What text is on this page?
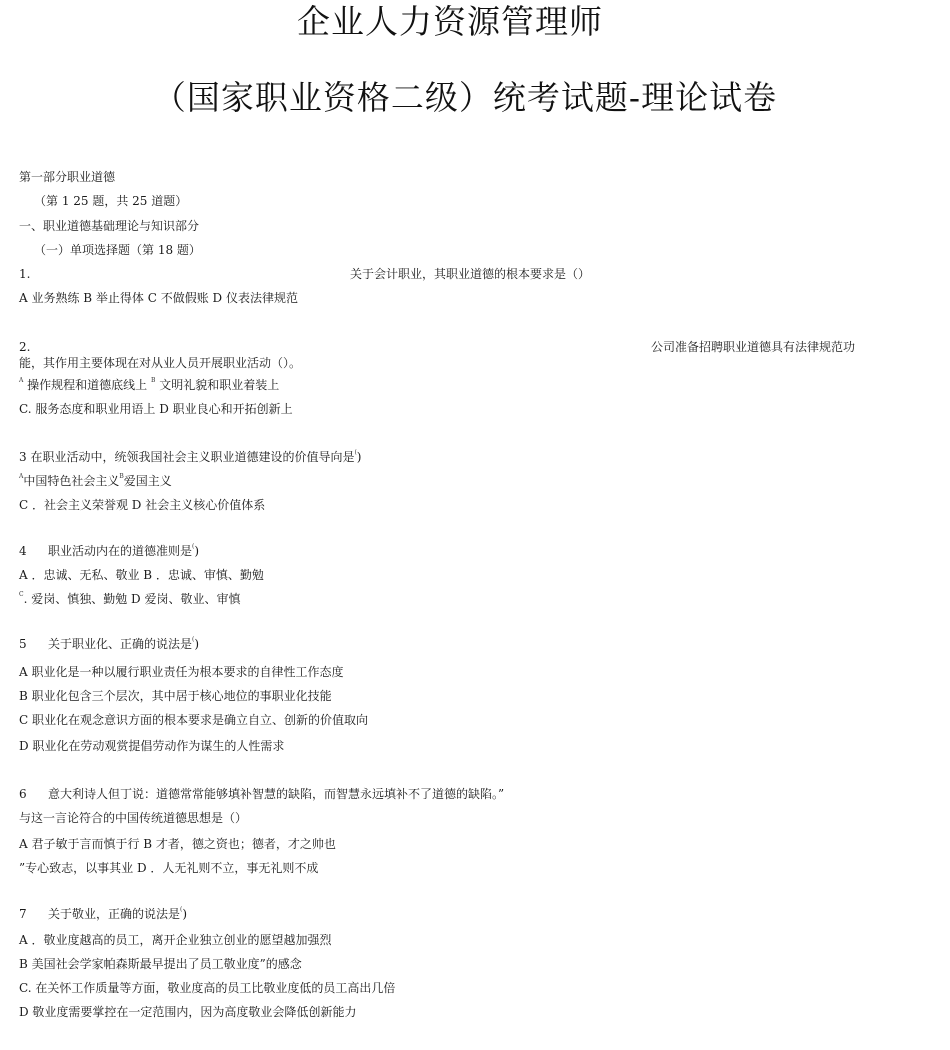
企业人力资源管理师
（国家职业资格二级）统考试题-理论试卷
第一部分职业道德
（第 1 25 题，共 25 道题）
一、职业道德基础理论与知识部分
（一）单项选择题（第 18 题）
1.	关于会计职业，其职业道德的根本要求是（）
A 业务熟练 B 举止得体 C 不做假账 D 仪表法律规范
2.	公司准备招聘职业道德具有法律规范功
能，其作用主要体现在对从业人员开展职业活动（）。
$^A$ 操作规程和道德底线上 $^B$ 文明礼貌和职业着装上
C. 服务态度和职业用语上 D 职业良心和开拓创新上
3 在职业活动中，统领我国社会主义职业道德建设的价值导向是()
$^A$中国特色社会主义$^B$爱国主义
C ．社会主义荣誉观 D 社会主义核心价值体系
4 职业活动内在的道德准则是()
A ．忠诚、无私、敬业 B ．忠诚、审慎、勤勉
$^C$. 爱岗、慎独、勤勉 D 爱岗、敬业、审慎
5 关于职业化、正确的说法是()
A 职业化是一种以履行职业责任为根本要求的自律性工作态度
B 职业化包含三个层次，其中居于核心地位的事职业化技能
C 职业化在观念意识方面的根本要求是确立自立、创新的价值取向
D 职业化在劳动观赏提倡劳动作为谋生的人性需求
6 意大利诗人但丁说：道德常常能够填补智慧的缺陷，而智慧永远填补不了道德的缺陷。”
与这一言论符合的中国传统道德思想是（）
A 君子敏于言而慎于行 B 才者，德之资也；德者，才之帅也
”专心致志，以事其业 D ．人无礼则不立，事无礼则不成
7 关于敬业，正确的说法是()
A ．敬业度越高的员工，离开企业独立创业的愿望越加强烈
B 美国社会学家帕森斯最早提出了员工敬业度”的感念
C. 在关怀工作质量等方面，敬业度高的员工比敬业度低的员工高出几倍
D 敬业度需要掌控在一定范围内，因为高度敬业会降低创新能力
